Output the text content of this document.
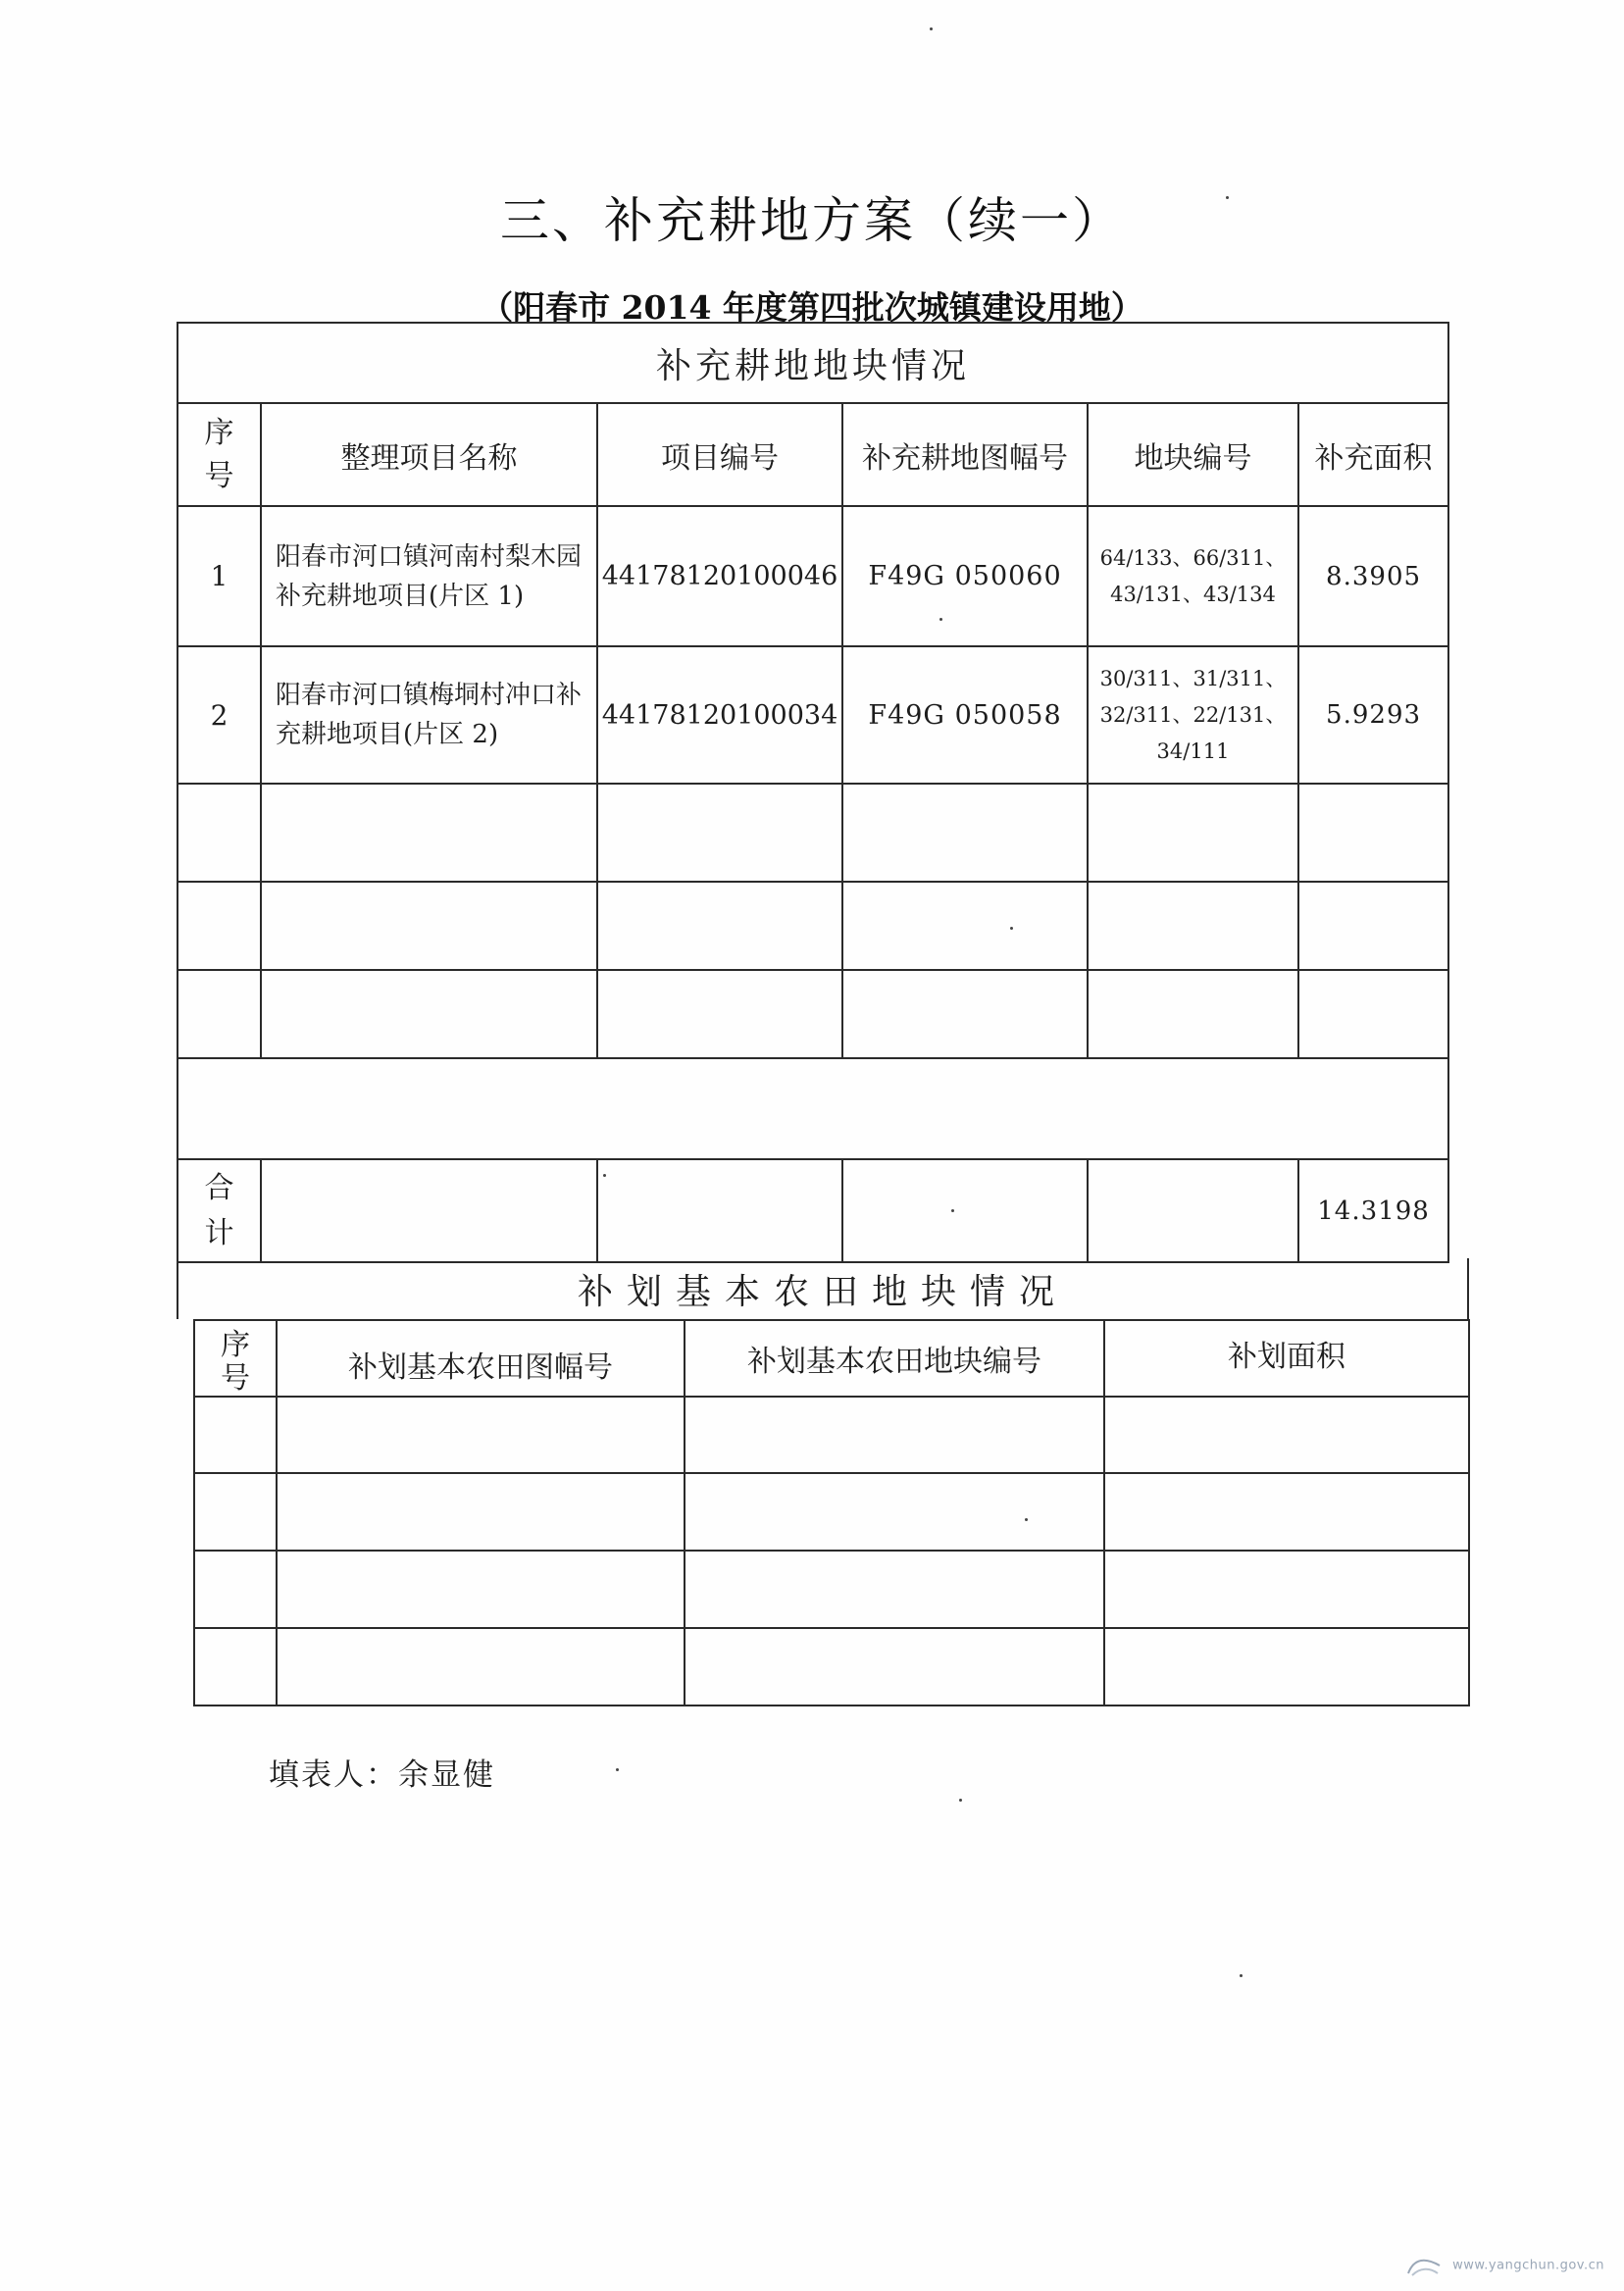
三、补充耕地方案（续一）
（阳春市 2014 年度第四批次城镇建设用地）
补充耕地地块情况					
序
号	整理项目名称	项目编号	补充耕地图幅号	地块编号	补充面积
1	阳春市河口镇河南村梨木园补充耕地项目(片区 1)	44178120100046	F49G 050060	64/133、66/311、43/131、43/134	8.3905
2	阳春市河口镇梅垌村冲口补充耕地项目(片区 2)	44178120100034	F49G 050058	30/311、31/311、32/311、22/131、34/111	5.9293

合
计					14.3198
补划基本农田地块情况
序
号	补划基本农田图幅号	补划基本农田地块编号	补划面积

填表人：余显健
www.yangchun.gov.cn
